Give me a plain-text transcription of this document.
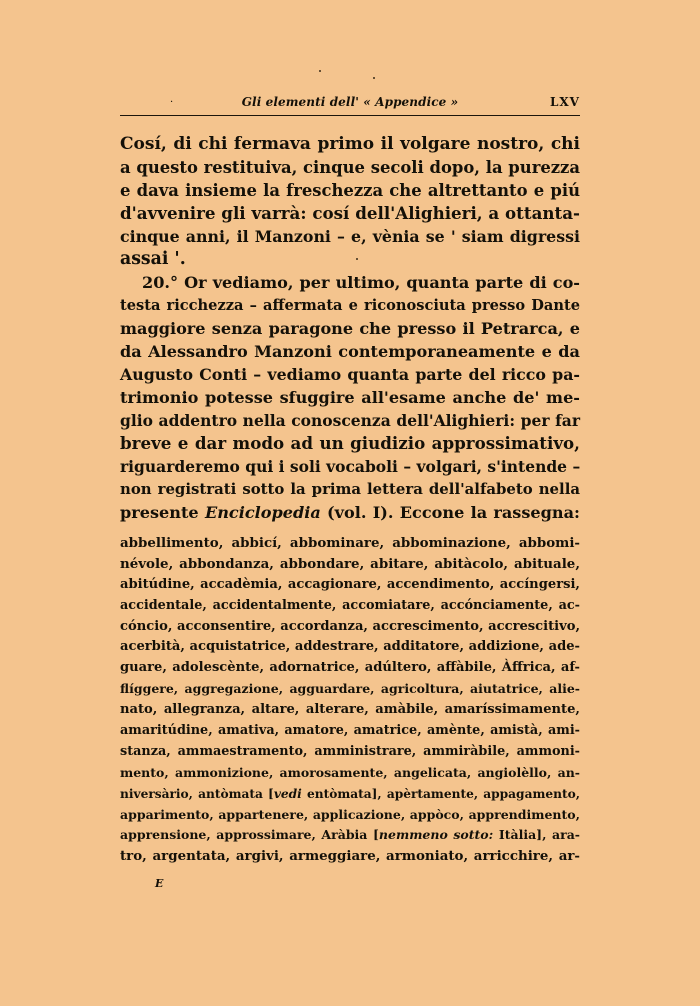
·	Gli elementi dell' « Appendice »	LXV
Cosí, di chi fermava primo il volgare nostro, chi
a questo restituiva, cinque secoli dopo, la purezza
e dava insieme la freschezza che altrettanto e piú
d'avvenire gli varrà: cosí dell'Alighieri, a ottanta-
cinque anni, il Manzoni – e, vènia se ' siam digressi
assai '.
20.° Or vediamo, per ultimo, quanta parte di co-
testa ricchezza – affermata e riconosciuta presso Dante
maggiore senza paragone che presso il Petrarca, e
da Alessandro Manzoni contemporaneamente e da
Augusto Conti – vediamo quanta parte del ricco pa-
trimonio potesse sfuggire all'esame anche de' me-
glio addentro nella conoscenza dell'Alighieri: per far
breve e dar modo ad un giudizio approssimativo,
riguarderemo qui i soli vocaboli – volgari, s'intende –
non registrati sotto la prima lettera dell'alfabeto nella
presente Enciclopedia (vol. I). Eccone la rassegna:
abbellimento, abbicí, abbominare, abbominazione, abbomi-
névole, abbondanza, abbondare, abitare, abitàcolo, abituale,
abitúdine, accadèmia, accagionare, accendimento, accíngersi,
accidentale, accidentalmente, accomiatare, accónciamente, ac-
cóncio, acconsentire, accordanza, accrescimento, accrescitivo,
acerbità, acquistatrice, addestrare, additatore, addizione, ade-
guare, adolescènte, adornatrice, adúltero, affàbile, Àffrica, af-
flíggere, aggregazione, agguardare, agricoltura, aiutatrice, alie-
nato, allegranza, altare, alterare, amàbile, amaríssimamente,
amaritúdine, amativa, amatore, amatrice, amènte, amistà, ami-
stanza, ammaestramento, amministrare, ammiràbile, ammoni-
mento, ammonizione, amorosamente, angelicata, angiolèllo, an-
niversàrio, antòmata [vedi entòmata], apèrtamente, appagamento,
apparimento, appartenere, applicazione, appòco, apprendimento,
apprensione, approssimare, Aràbia [nemmeno sotto: Itàlia], ara-
tro, argentata, argivi, armeggiare, armoniato, arricchire, ar-
E
